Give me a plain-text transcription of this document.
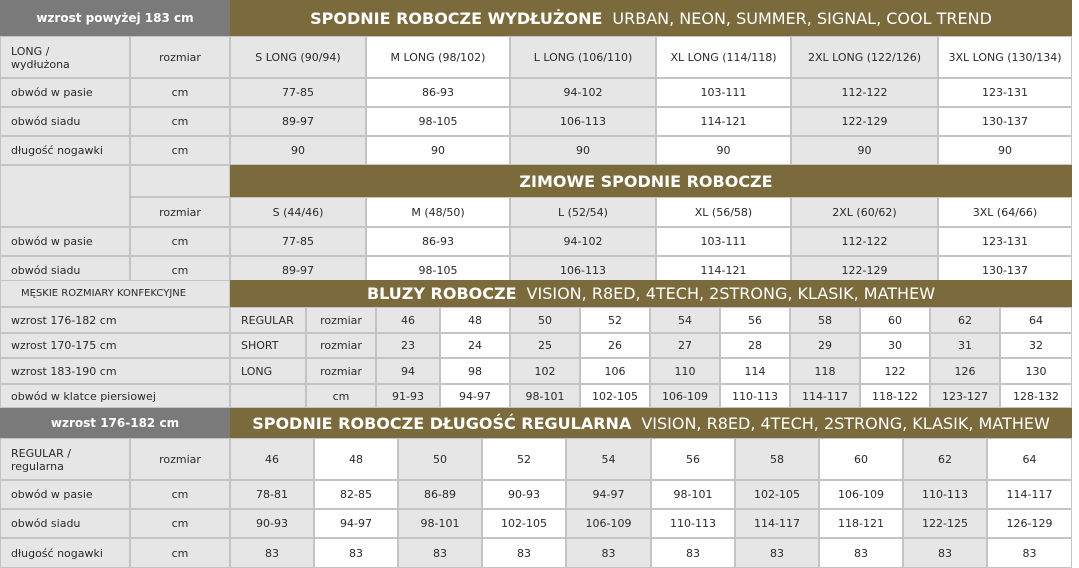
wzrost powyżej 183 cm	SPODNIE ROBOCZE WYDŁUŻONE URBAN, NEON, SUMMER, SIGNAL, COOL TREND
LONG /
wydłużona
rozmiar	S LONG (90/94)	M LONG (98/102)	L LONG (106/110)	XL LONG (114/118)	2XL LONG (122/126)	3XL LONG (130/134)
obwód w pasie	cm	77-85	86-93	94-102	103-111	112-122	123-131
obwód siadu	cm	89-97	98-105	106-113	114-121	122-129	130-137
długość nogawki	cm	90	90	90	90	90	90
ZIMOWE SPODNIE ROBOCZE
rozmiar	S (44/46)	M (48/50)	L (52/54)	XL (56/58)	2XL (60/62)	3XL (64/66)
obwód w pasie	cm	77-85	86-93	94-102	103-111	112-122	123-131
obwód siadu	cm	89-97	98-105	106-113	114-121	122-129	130-137
MĘSKIE ROZMIARY KONFEKCYJNE	BLUZY ROBOCZE VISION, R8ED, 4TECH, 2STRONG, KLASIK, MATHEW
wzrost 176-182 cm	REGULAR	rozmiar	46	48	50	52	54	56	58	60	62	64
wzrost 170-175 cm	SHORT	rozmiar	23	24	25	26	27	28	29	30	31	32
wzrost 183-190 cm	LONG	rozmiar	94	98	102	106	110	114	118	122	126	130
obwód w klatce piersiowej	cm	91-93	94-97	98-101	102-105	106-109	110-113	114-117	118-122	123-127	128-132
wzrost 176-182 cm	SPODNIE ROBOCZE DŁUGOŚĆ REGULARNA VISION, R8ED, 4TECH, 2STRONG, KLASIK, MATHEW
REGULAR /
regularna
rozmiar	46	48	50	52	54	56	58	60	62	64
obwód w pasie	cm	78-81	82-85	86-89	90-93	94-97	98-101	102-105	106-109	110-113	114-117
obwód siadu	cm	90-93	94-97	98-101	102-105	106-109	110-113	114-117	118-121	122-125	126-129
długość nogawki	cm	83	83	83	83	83	83	83	83	83	83
